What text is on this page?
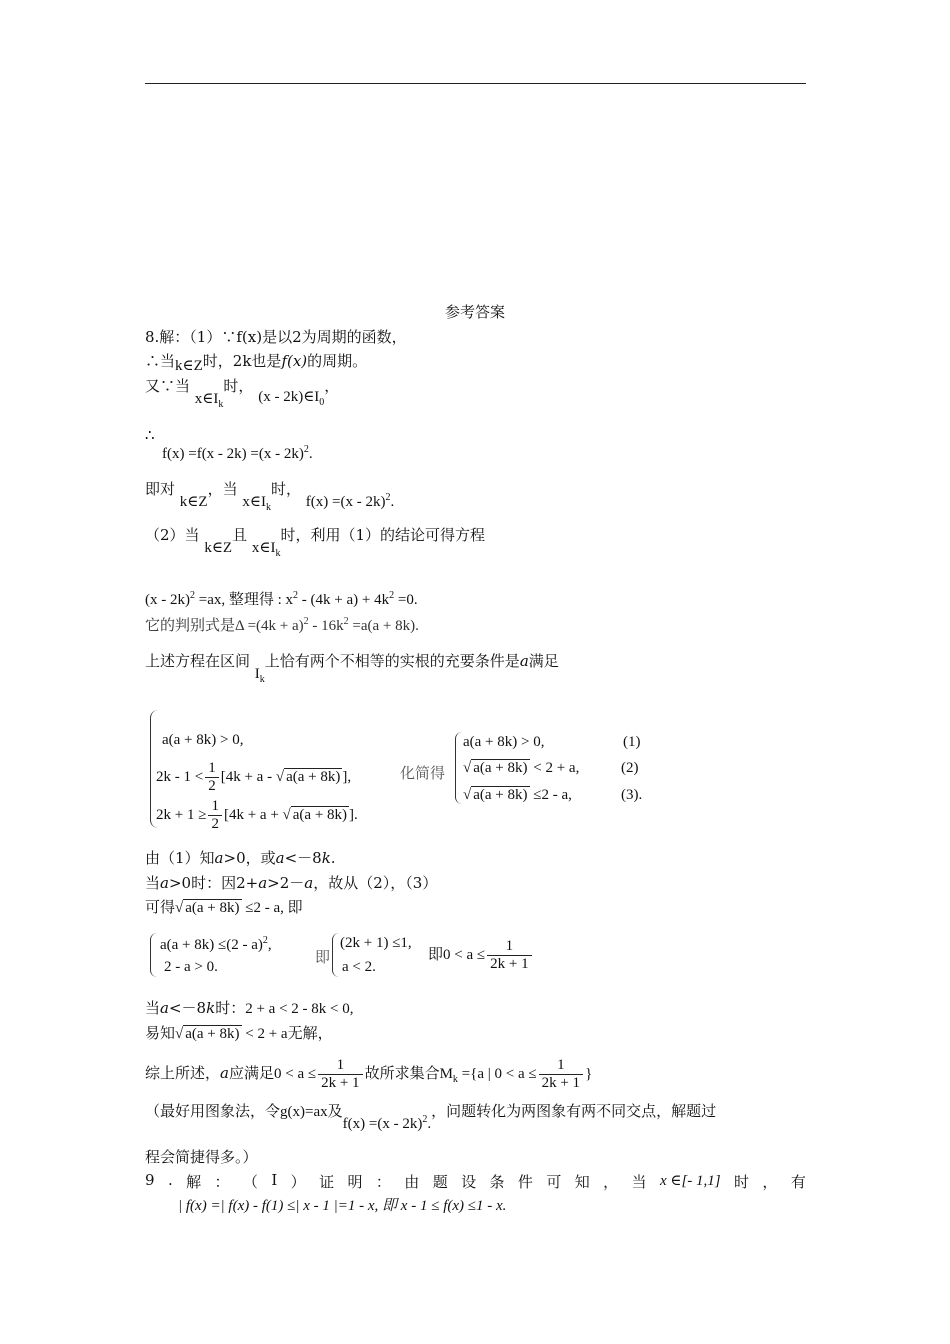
参考答案
8.解：（1）∵f(x)是以2为周期的函数，
∴当k∈Z时，2k也是f(x)的周期。
又∵当 $x\in I_k$时， $(x - 2k)\in I_0$，
∴
f(x) =f(x - 2k) =(x - 2k)$^2$.
即对 k∈Z，当 $x\in I_k$时， f(x) =(x - 2k)$^2$.
（2）当 k∈Z且 $x\in I_k$时，利用（1）的结论可得方程
(x - 2k)$^2$ =ax, 整理得 : $x^2 - (4k + a) + 4k^2 =0$.
它的判别式是$\Delta =(4k + a)^2 - 16k^2 =a(a + 8k)$.
上述方程在区间 $I_k$上恰有两个不相等的实根的充要条件是a满足
a(a + 8k) > 0,
$2k - 1 < \frac{1}{2} [4k + a$ - √ a(a + 8k) ],
$2k + 1 \ge \frac{1}{2} [4k + a$ + √ a(a + 8k) ].
化简得
a(a + 8k) > 0,
√ a(a + 8k) < 2 + a,
√ a(a + 8k) ≤2 - a,
(1)
(2)
(3).
由（1）知a>0，或a<－8k.
当a>0时：因2+a>2－a，故从（2），（3）
可得√ a(a + 8k) ≤2 - a, 即
a(a + 8k) ≤(2 - a)$^2$,
2 - a > 0.
即
(2k + 1) ≤1,
a < 2.
即$0 < a \le \frac{1}{2k + 1}$
当a<－8k时：2 + a < 2 - 8k < 0,
易知√ a(a + 8k) < 2 + a无解，
综上所述，a应满足$0 < a \le \frac{1}{2k + 1}$ 故所求集合$M_k =\{a$ | $0 < a \le \frac{1}{2k + 1}$ }
（最好用图象法，令g(x)=ax及f(x) =(x - 2k)$^2$.，问题转化为两图象有两不同交点，解题过
程会简捷得多。）
9 . 解 ： （ Ⅰ ） 证 明 ： 由 题 设 条 件 可 知 ， 当 x ∈[- 1,1] 时 ， 有
| f(x) =| f(x) - f(1) ≤| x - 1 |=1 - x, 即 x - 1 ≤ f(x) ≤1 - x.
